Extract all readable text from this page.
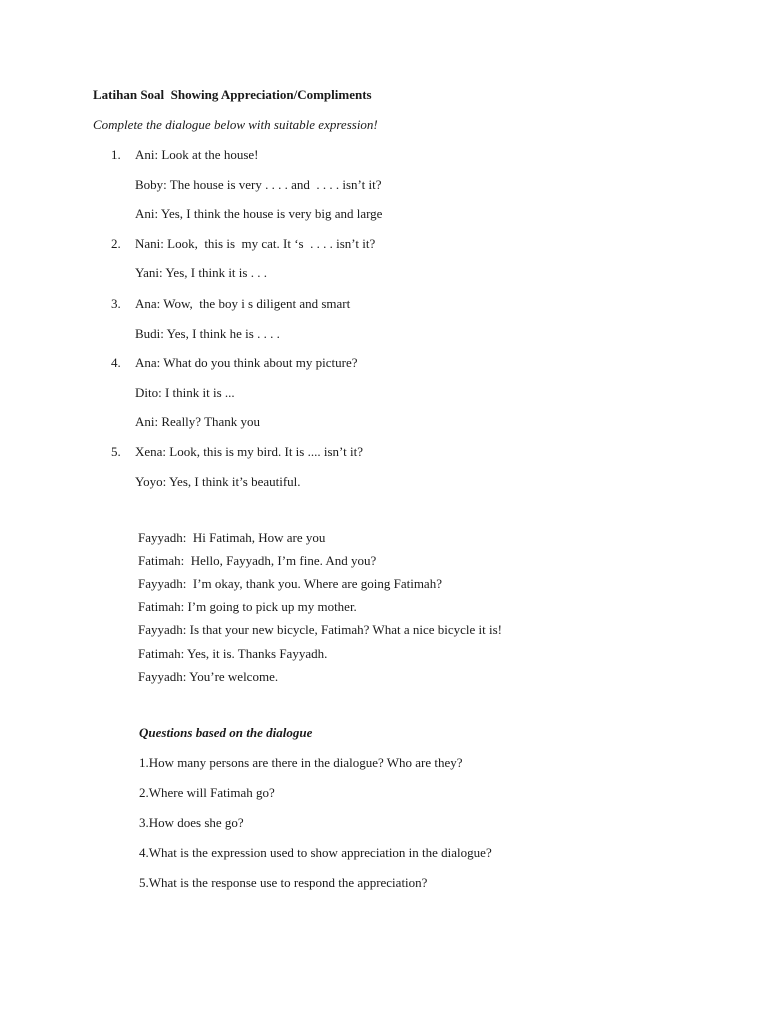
Latihan Soal  Showing Appreciation/Compliments
Complete the dialogue below with suitable expression!
1. Ani: Look at the house!
Boby: The house is very . . . . and  . . . . isn’t it?
Ani: Yes, I think the house is very big and large
2. Nani: Look,  this is  my cat. It ‘s  . . . . isn’t it?
Yani: Yes, I think it is . . .
3. Ana: Wow,  the boy i s diligent and smart
Budi: Yes, I think he is . . . .
4. Ana: What do you think about my picture?
Dito: I think it is ...
Ani: Really? Thank you
5. Xena: Look, this is my bird. It is .... isn’t it?
Yoyo: Yes, I think it’s beautiful.
Fayyadh:  Hi Fatimah, How are you
Fatimah:  Hello, Fayyadh, I’m fine. And you?
Fayyadh:  I’m okay, thank you. Where are going Fatimah?
Fatimah: I’m going to pick up my mother.
Fayyadh: Is that your new bicycle, Fatimah? What a nice bicycle it is!
Fatimah: Yes, it is. Thanks Fayyadh.
Fayyadh: You’re welcome.
Questions based on the dialogue
1.How many persons are there in the dialogue? Who are they?
2.Where will Fatimah go?
3.How does she go?
4.What is the expression used to show appreciation in the dialogue?
5.What is the response use to respond the appreciation?
